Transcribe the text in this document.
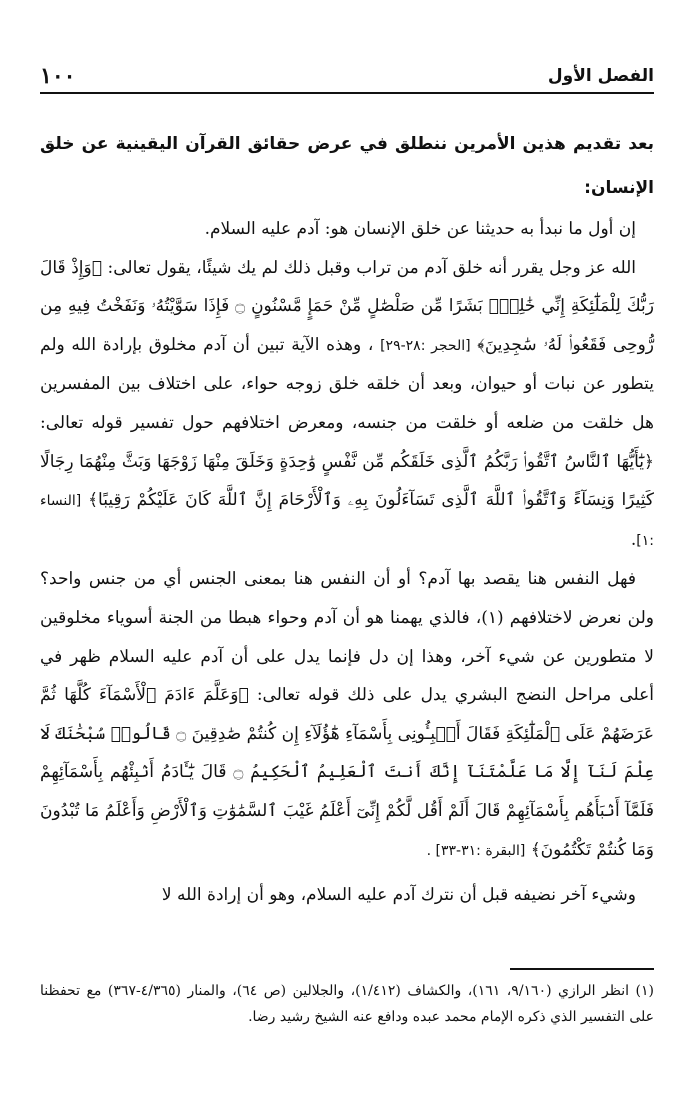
الفصل الأول
١٠٠

بعد تقديم هذين الأمرين ننطلق في عرض حقائق القرآن اليقينية عن خلق الإنسان:

إن أول ما نبدأ به حديثنا عن خلق الإنسان هو: آدم عليه السلام.

الله عز وجل يقرر أنه خلق آدم من تراب وقبل ذلك لم يك شيئًا، يقول تعالى: ﴿وَإِذْ قَالَ رَبُّكَ لِلْمَلَٰٓئِكَةِ إِنِّي خَٰلِقٌۢ بَشَرًا مِّن صَلْصَٰلٍ مِّنْ حَمَإٍ مَّسْنُونٍ ۝ فَإِذَا سَوَّيْتُهُۥ وَنَفَخْتُ فِيهِ مِن رُّوحِى فَقَعُوا۟ لَهُۥ سَٰجِدِينَ﴾ [الحجر :٢٨-٢٩] ، وهذه الآية تبين أن آدم مخلوق بإرادة الله ولم يتطور عن نبات أو حيوان، وبعد أن خلقه خلق زوجه حواء، على اختلاف بين المفسرين هل خلقت من ضلعه أو خلقت من جنسه، ومعرض اختلافهم حول تفسير قوله تعالى: ﴿يَٰٓأَيُّهَا ٱلنَّاسُ ٱتَّقُوا۟ رَبَّكُمُ ٱلَّذِى خَلَقَكُم مِّن نَّفْسٍ وَٰحِدَةٍ وَخَلَقَ مِنْهَا زَوْجَهَا وَبَثَّ مِنْهُمَا رِجَالًا كَثِيرًا وَنِسَآءً وَٱتَّقُوا۟ ٱللَّهَ ٱلَّذِى تَسَآءَلُونَ بِهِۦ وَٱلْأَرْحَامَ إِنَّ ٱللَّهَ كَانَ عَلَيْكُمْ رَقِيبًا﴾ [النساء :١].

فهل النفس هنا يقصد بها آدم؟ أو أن النفس هنا بمعنى الجنس أي من جنس واحد؟ ولن نعرض لاختلافهم (١)، فالذي يهمنا هو أن آدم وحواء هبطا من الجنة أسوياء مخلوقين لا متطورين عن شيء آخر، وهذا إن دل فإنما يدل على أن آدم عليه السلام ظهر في أعلى مراحل النضج البشري يدل على ذلك قوله تعالى: ﴿وَعَلَّمَ ءَادَمَ ٱلْأَسْمَآءَ كُلَّهَا ثُمَّ عَرَضَهُمْ عَلَى ٱلْمَلَٰٓئِكَةِ فَقَالَ أَنۢبِـُٔونِى بِأَسْمَآءِ هَٰٓؤُلَآءِ إِن كُنتُمْ صَٰدِقِينَ ۝ قَالُوا۟ سُبْحَٰنَكَ لَا عِلْمَ لَنَآ إِلَّا مَا عَلَّمْتَنَآ إِنَّكَ أَنتَ ٱلْعَلِيمُ ٱلْحَكِيمُ ۝ قَالَ يَٰٓـَٔادَمُ أَنۢبِئْهُم بِأَسْمَآئِهِمْ فَلَمَّآ أَنۢبَأَهُم بِأَسْمَآئِهِمْ قَالَ أَلَمْ أَقُل لَّكُمْ إِنِّىٓ أَعْلَمُ غَيْبَ ٱلسَّمَٰوَٰتِ وَٱلْأَرْضِ وَأَعْلَمُ مَا تُبْدُونَ وَمَا كُنتُمْ تَكْتُمُونَ﴾ [البقرة :٣١-٣٣] .

وشيء آخر نضيفه قبل أن نترك آدم عليه السلام، وهو أن إرادة الله لا

(١) انظر الرازي (٩/١٦٠، ١٦١)، والكشاف (١/٤١٢)، والجلالين (ص ٦٤)، والمنار (٤/٣٦٥-٣٦٧) مع تحفظنا على التفسير الذي ذكره الإمام محمد عبده ودافع عنه الشيخ رشيد رضا.
